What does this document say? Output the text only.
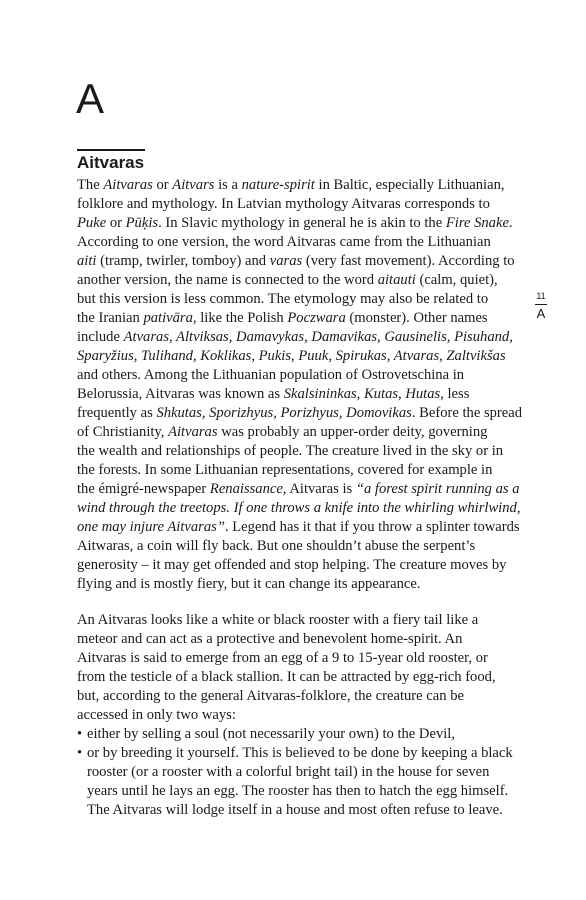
A
Aitvaras
The Aitvaras or Aitvars is a nature-spirit in Baltic, especially Lithuanian,
folklore and mythology. In Latvian mythology Aitvaras corresponds to
Puke or Pūķis. In Slavic mythology in general he is akin to the Fire Snake.
According to one version, the word Aitvaras came from the Lithuanian
aiti (tramp, twirler, tomboy) and varas (very fast movement). According to
another version, the name is connected to the word aitauti (calm, quiet),
but this version is less common. The etymology may also be related to
the Iranian pativāra, like the Polish Poczwara (monster). Other names
include Atvaras, Altviksas, Damavykas, Damavikas, Gausinelis, Pisuhand,
Sparyžius, Tulihand, Koklikas, Pukis, Puuk, Spirukas, Atvaras, Zaltvikšas
and others. Among the Lithuanian population of Ostrovetschina in
Belorussia, Aitvaras was known as Skalsininkas, Kutas, Hutas, less
frequently as Shkutas, Sporizhyus, Porizhyus, Domovikas. Before the spread
of Christianity, Aitvaras was probably an upper-order deity, governing
the wealth and relationships of people. The creature lived in the sky or in
the forests. In some Lithuanian representations, covered for example in
the émigré-newspaper Renaissance, Aitvaras is “a forest spirit running as a
wind through the treetops. If one throws a knife into the whirling whirlwind,
one may injure Aitvaras”. Legend has it that if you throw a splinter towards
Aitwaras, a coin will fly back. But one shouldn’t abuse the serpent’s
generosity – it may get offended and stop helping. The creature moves by
flying and is mostly fiery, but it can change its appearance.
An Aitvaras looks like a white or black rooster with a fiery tail like a
meteor and can act as a protective and benevolent home-spirit. An
Aitvaras is said to emerge from an egg of a 9 to 15-year old rooster, or
from the testicle of a black stallion. It can be attracted by egg-rich food,
but, according to the general Aitvaras-folklore, the creature can be
accessed in only two ways:
• either by selling a soul (not necessarily your own) to the Devil,
• or by breeding it yourself. This is believed to be done by keeping a black
rooster (or a rooster with a colorful bright tail) in the house for seven
years until he lays an egg. The rooster has then to hatch the egg himself.
The Aitvaras will lodge itself in a house and most often refuse to leave.
11
A
